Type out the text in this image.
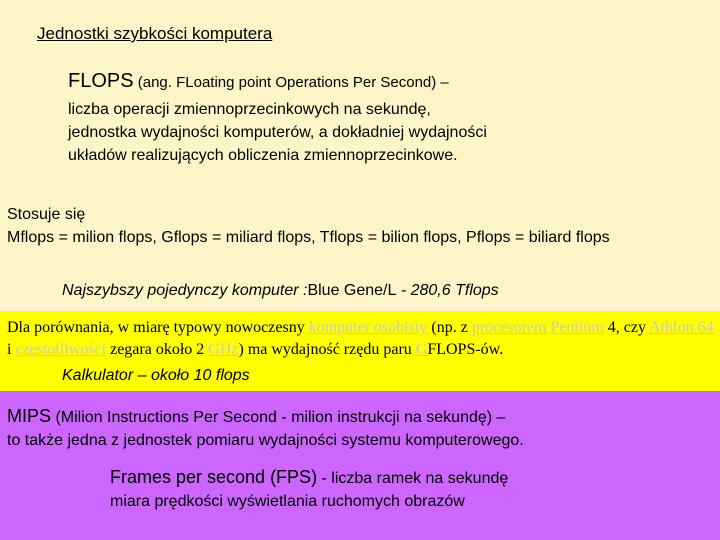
Jednostki szybkości komputera
FLOPS (ang. FLoating point Operations Per Second) –
liczba operacji zmiennoprzecinkowych na sekundę,
jednostka wydajności komputerów, a dokładniej wydajności
układów realizujących obliczenia zmiennoprzecinkowe.
Stosuje się
Mflops = milion flops, Gflops = miliard flops, Tflops = bilion flops, Pflops = biliard flops
Najszybszy pojedynczy komputer :Blue Gene/L - 280,6 Tflops
Dla porównania, w miarę typowy nowoczesny komputer osobisty (np. z procesorem Pentium 4, czy Athlon 64 i częstotliwości zegara około 2 GHz) ma wydajność rzędu paru GFLOPS-ów.
Kalkulator – około 10 flops
MIPS (Milion Instructions Per Second - milion instrukcji na sekundę) –
to także jedna z jednostek pomiaru wydajności systemu komputerowego.
Frames per second (FPS) - liczba ramek na sekundę
miara prędkości wyświetlania ruchomych obrazów
